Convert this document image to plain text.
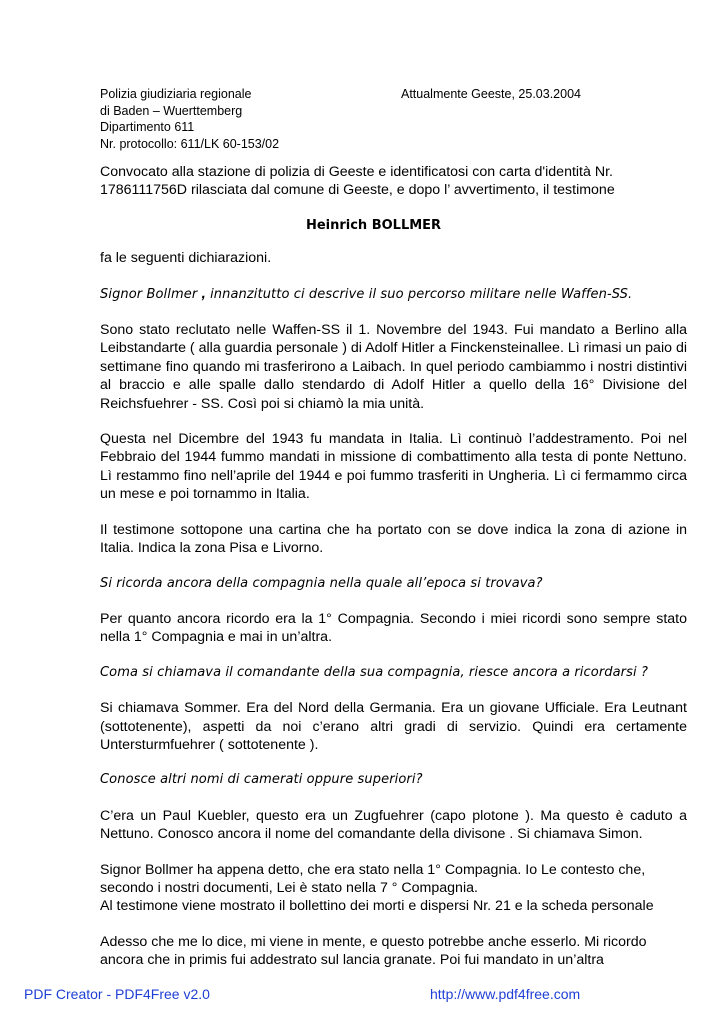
Polizia giudiziaria regionale
di Baden – Wuerttemberg
Dipartimento 611
Nr. protocollo: 611/LK 60-153/02
Attualmente Geeste, 25.03.2004

Convocato alla stazione di polizia di Geeste e identificatosi con carta d'identità Nr. 1786111756D rilasciata dal comune di Geeste, e dopo l’ avvertimento, il testimone

Heinrich BOLLMER

fa le seguenti dichiarazioni.

Signor Bollmer , innanzitutto ci descrive il suo percorso militare nelle Waffen-SS.

Sono stato reclutato nelle Waffen-SS il 1. Novembre del 1943. Fui mandato a Berlino alla Leibstandarte ( alla guardia personale ) di Adolf Hitler a Finckensteinallee. Lì rimasi un paio di settimane fino quando mi trasferirono a Laibach. In quel periodo cambiammo i nostri distintivi al braccio e alle spalle dallo stendardo di Adolf Hitler a quello della 16° Divisione del Reichsfuehrer - SS. Così poi si chiamò la mia unità.

Questa nel Dicembre del 1943 fu mandata in Italia. Lì continuò l’addestramento. Poi nel Febbraio del 1944 fummo mandati in missione di combattimento alla testa di ponte Nettuno. Lì restammo fino nell’aprile del 1944 e poi fummo trasferiti in Ungheria. Lì ci fermammo circa un mese e poi tornammo in Italia.

Il testimone sottopone una cartina che ha portato con se dove indica la zona di azione in Italia. Indica la zona Pisa e Livorno.

Si ricorda ancora della compagnia nella quale all’epoca si trovava?

Per quanto ancora ricordo era la 1° Compagnia. Secondo i miei ricordi sono sempre stato nella 1° Compagnia e mai in un’altra.

Coma si chiamava il comandante della sua compagnia, riesce ancora a ricordarsi ?

Si chiamava Sommer. Era del Nord della Germania. Era un giovane Ufficiale. Era Leutnant (sottotenente), aspetti da noi c’erano altri gradi di servizio. Quindi era certamente Untersturmfuehrer ( sottotenente ).

Conosce altri nomi di camerati oppure superiori?

C’era un Paul Kuebler, questo era un Zugfuehrer (capo plotone ). Ma questo è caduto a Nettuno. Conosco ancora il nome del comandante della divisone . Si chiamava Simon.

Signor Bollmer ha appena detto, che era stato nella 1° Compagnia. Io Le contesto che,
secondo i nostri documenti, Lei è stato nella 7 ° Compagnia.
Al testimone viene mostrato il bollettino dei morti e dispersi Nr. 21 e la scheda personale

Adesso che me lo dice, mi viene in mente, e questo potrebbe anche esserlo. Mi ricordo
ancora che in primis fui addestrato sul lancia granate. Poi fui mandato in un’altra

PDF Creator - PDF4Free v2.0	http://www.pdf4free.com
